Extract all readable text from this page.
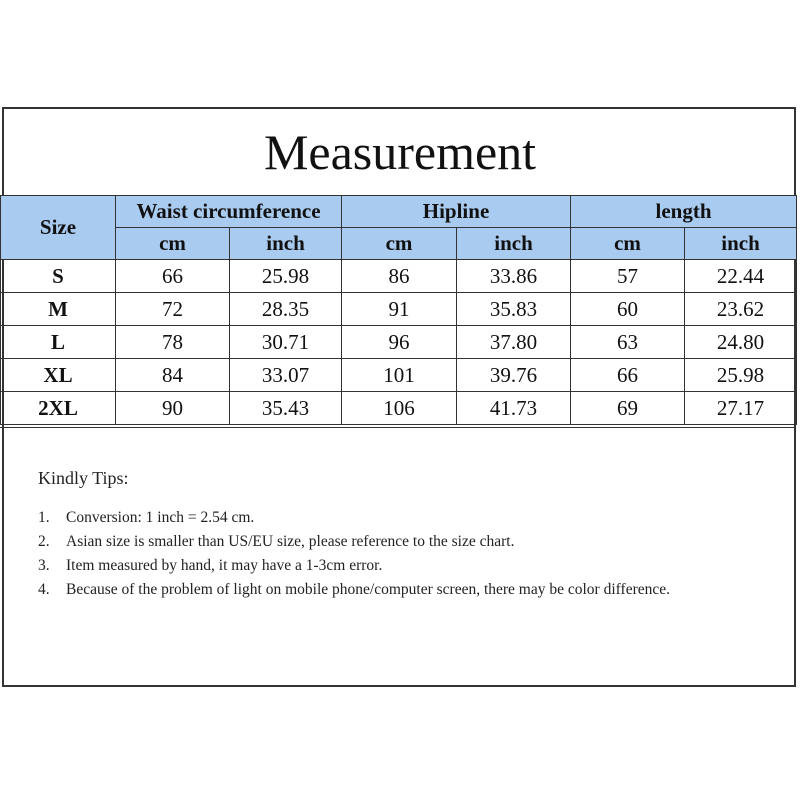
Measurement
Size	Waist circumference		Hipline		length	
	cm	inch	cm	inch	cm	inch
S	66	25.98	86	33.86	57	22.44
M	72	28.35	91	35.83	60	23.62
L	78	30.71	96	37.80	63	24.80
XL	84	33.07	101	39.76	66	25.98
2XL	90	35.43	106	41.73	69	27.17
Kindly Tips:
1.	Conversion: 1 inch = 2.54 cm.
2.	Asian size is smaller than US/EU size, please reference to the size chart.
3.	Item measured by hand, it may have a 1-3cm error.
4.	Because of the problem of light on mobile phone/computer screen, there may be color difference.
